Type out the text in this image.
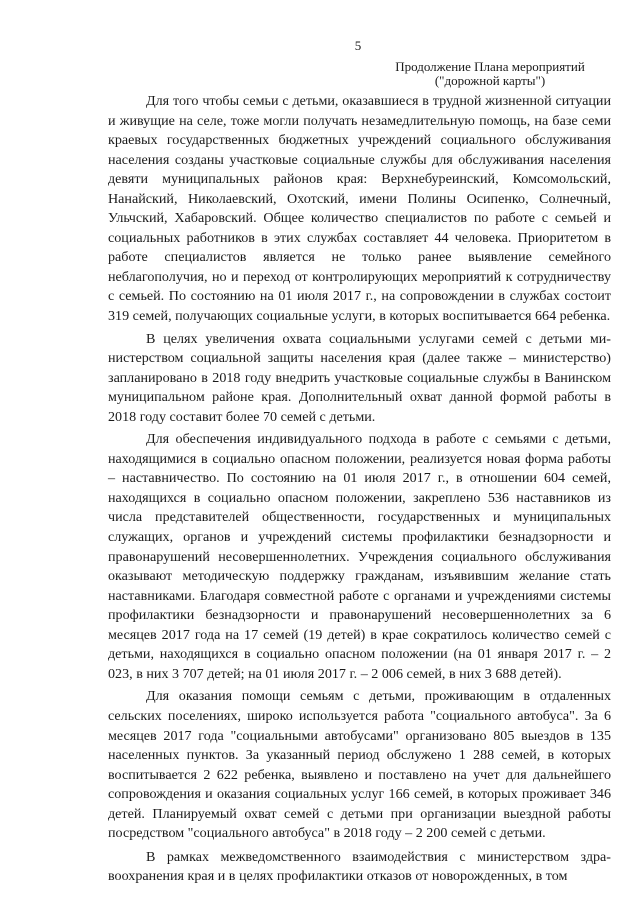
5
Продолжение Плана мероприятий
("дорожной карты")

Для того чтобы семьи с детьми, оказавшиеся в трудной жизненной ситуации и живущие на селе, тоже могли получать незамедлительную помощь, на базе семи краевых государственных бюджетных учреждений социального обслуживания населения созданы участковые социальные службы для обслуживания населения девяти муниципальных районов края: Верхнебуреинский, Комсомольский, Нанайский, Николаевский, Охотский, имени Полины Осипенко, Солнечный, Ульчский, Хабаровский. Общее количество специалистов по работе с семьей и социальных работников в этих службах составляет 44 человека. Приоритетом в работе специалистов является не только ранее выявление семейного неблагополучия, но и переход от контролирующих мероприятий к сотрудничеству с семьей. По состоянию на 01 июля 2017 г., на сопровождении в службах состоит 319 семей, получающих социальные услуги, в которых воспитывается 664 ребенка.

В целях увеличения охвата социальными услугами семей с детьми министерством социальной защиты населения края (далее также – министерство) запланировано в 2018 году внедрить участковые социальные службы в Ванинском муниципальном районе края. Дополнительный охват данной формой работы в 2018 году составит более 70 семей с детьми.

Для обеспечения индивидуального подхода в работе с семьями с детьми, находящимися в социально опасном положении, реализуется новая форма работы – наставничество. По состоянию на 01 июля 2017 г., в отношении 604 семей, находящихся в социально опасном положении, закреплено 536 наставников из числа представителей общественности, государственных и муниципальных служащих, органов и учреждений системы профилактики безнадзорности и правонарушений несовершеннолетних. Учреждения социального обслуживания оказывают методическую поддержку гражданам, изъявившим желание стать наставниками. Благодаря совместной работе с органами и учреждениями системы профилактики безнадзорности и правонарушений несовершеннолетних за 6 месяцев 2017 года на 17 семей (19 детей) в крае сократилось количество семей с детьми, находящихся в социально опасном положении (на 01 января 2017 г. – 2 023, в них 3 707 детей; на 01 июля 2017 г. – 2 006 семей, в них 3 688 детей).

Для оказания помощи семьям с детьми, проживающим в отдаленных сельских поселениях, широко используется работа "социального автобуса". За 6 месяцев 2017 года "социальными автобусами" организовано 805 выездов в 135 населенных пунктов. За указанный период обслужено 1 288 семей, в которых воспитывается 2 622 ребенка, выявлено и поставлено на учет для дальнейшего сопровождения и оказания социальных услуг 166 семей, в которых проживает 346 детей. Планируемый охват семей с детьми при организации выездной работы посредством "социального автобуса" в 2018 году – 2 200 семей с детьми.

В рамках межведомственного взаимодействия с министерством здравоохранения края и в целях профилактики отказов от новорожденных, в том
